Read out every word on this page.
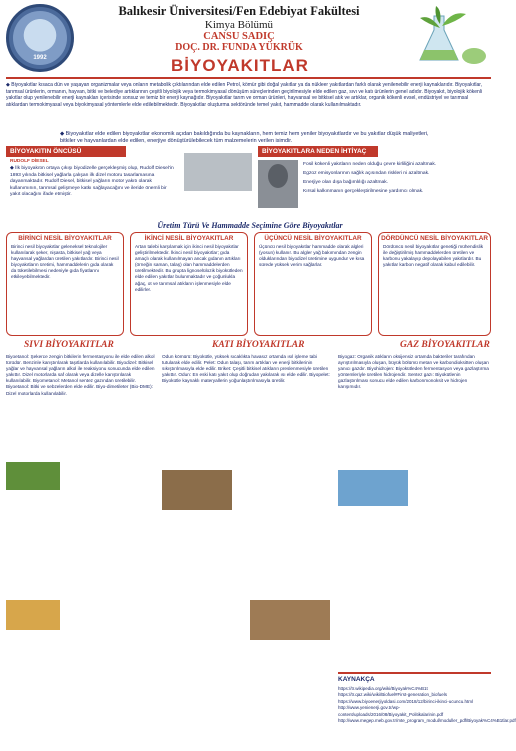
1992
Balıkesir Üniversitesi/Fen Edebiyat Fakültesi
Kimya Bölümü
CANSU SADIÇ
DOÇ. DR. FUNDA YÜKRÜK
BİYOYAKITLAR
◆ Biyoyakıtlar kısaca dün ve yaşayan organizmalar veya onların metabolik çıktılarından elde edilen Petrol, kömür gibi doğal yakıtlar ya da nükleer yakıtlardan farklı olarak yenilenebilir enerji kaynaklarıdır. Biyoyakıtlar, tarımsal ürünlerin, ormanın, hayvan, bitki ve belediye artıklarının çeşitli biyolojik veya termokimyasal dönüşüm süreçlerinden geçirilmesiyle elde edilen gaz, sıvı ve katı ürünlerin genel adıdır. Biyoyakıt, biyolojik kökenli yakıtlar olup yenilenebilir enerji kaynakları içerisinde sonsuz ve temiz bir enerji kaynağıdır. Biyoyakıtlar tarım ve orman ürünleri, hayvansal ve bitkisel atık ve artıklar, organik kökenli evsel, endüstriyel ve tarımsal atıklardan termokimyasal veya biyokimyasal yöntemlerle elde edilebilmektedir. Biyoyakıtlar oluşturma sektöründe temel yakıt, hammadde olarak kullanılmaktadır.
◆ Biyoyakıtlar elde edilen biyoyakıtlar ekonomik açıdan bakıldığında bu kaynakların, hem temiz hem yeniler biyoyakıtlardır ve bu yakıtlar düşük maliyetleri, bitkiler ve hayvanlardan elde edilen, enerjiye dönüştürülebilecek tüm malzemelerin verilen isimdir.
BİYOYAKITIN ÖNCÜSÜ
RUDOLF DİESEL
◆ İlk biyoyakıtın ortaya çıkışı biyodizelle gerçekleşmiş olup, Rudolf Diesel'in 1893 yılında bitkisel yağlarla çalışan ilk dizel motoru tasarlamasına dayanmaktadır. Rudolf Diesel, bitkisel yağların motor yakıtı olarak kullanımının, tarımsal gelişmeye katkı sağlayacağını ve ileride önemli bir yakıt olacağını ifade etmiştir.
BİYOYAKITLARA NEDEN İHTİYAÇ
Fosil kökenli yakıtların neden olduğu çevre kirliliğini azaltmak.
Egzoz emisyonlarının sağlık açısından riskleri ni azaltmak.
Enerjiye olan dışa bağımlılığı azaltmak.
Kırsal kalkınmanın gerçekleştirilmesine yardımcı olmak.
Üretim Türü Ve Hammadde Seçimine Göre Biyoyakıtlar
BİRİNCİ NESİL BİYOYAKITLAR
Birinci nesil biyoyakıtlar geleneksel teknolojiler kullanılarak şeker, nişasta, bitkisel yağ veya hayvansal yağlardan üretilen yakıtlardır. Birinci nesil biyoyakıtların üretimi, hammaddelerin gıda olarak da tüketilebilmesi nedeniyle gıda fiyatlarını etkileyebilmektedir.
İKİNCİ NESİL BİYOYAKITLAR
Artan talebi karşılamak için ikinci nesil biyoyakıtlar geliştirilmektedir. İkinci nesil biyoyakıtlar; gıda amaçlı olarak kullanılmayan ancak gıdanın artıkları (örneğin saman, talaş) olan hammaddelerden üretilmektedir. Bu grupta lignoselülozik biyokütleden elde edilen yakıtlar bulunmaktadır ve çoğunlukla ağaç, ot ve tarımsal atıkların işlenmesiyle elde edilirler.
ÜÇÜNCÜ NESİL BİYOYAKITLAR
Üçüncü nesil biyoyakıtlar hammadde olarak algleri (yosun) kullanır. Bu algler yağ bakımından zengin olduklarından biyodizel üretimine uygundur ve kısa sürede yüksek verim sağlarlar.
DÖRDÜNCÜ NESİL BİYOYAKITLAR
Dördüncü nesil biyoyakıtlar genetiği mühendislik ile değiştirilmiş hammaddelerden üretilen ve karbonu yakalayıp depolayabilen yakıtlardır. Bu yakıtlar karbon negatif olarak kabul edilebilir.
SIVI BİYOYAKITLAR	KATI BİYOYAKITLAR	GAZ BİYOYAKITLAR
Biyoetanol: Şekerce zengin bitkilerin fermentasyonu ile elde edilen alkol türüdür. Benzinle karıştırılarak taşıtlarda kullanılabilir. Biyodizel: Bitkisel yağlar ve hayvansal yağların alkol ile reaksiyonu sonucunda elde edilen yakıttır. Dizel motorlarda saf olarak veya dizelle karıştırılarak kullanılabilir. Biyometanol: Metanol sentez gazından üretilebilir. Biyoetanol: Bitki ve sebzelerden elde edilir. Biyo-dimetileter (Bio-DME): Dizel motorlarda kullanılabilir.
Odun kömürü: Biyokütle, yüksek sıcaklıkta havasız ortamda ısıl işleme tabi tutularak elde edilir. Pelet: Odun talaşı, tarım artıkları ve enerji bitkilerinin sıkıştırılmasıyla elde edilir. Briket: Çeşitli bitkisel atıkların preslenmesiyle üretilen yakıttır. Odun: En eski katı yakıt olup doğrudan yakılarak ısı elde edilir. Biyopelet: Biyokütle kaynaklı materyallerin yoğunlaştırılmasıyla üretilir.
Biyogaz: Organik atıkların oksijensiz ortamda bakteriler tarafından ayrıştırılmasıyla oluşan, büyük bölümü metan ve karbondioksitten oluşan yanıcı gazdır. Biyohidrojen: Biyokütleden fermentasyon veya gazlaştırma yöntemleriyle üretilen hidrojendir. Sentez gazı: Biyokütlenin gazlaştırılması sonucu elde edilen karbonmonoksit ve hidrojen karışımıdır.
KAYNAKÇA
https://tr.wikipedia.org/wiki/Biyoyak%C4%B1t
https://tr.qaz.wiki/wiki/Biofuel#First-generation_biofuels
https://www.biyoenerjiyoldasi.com/2018/12/birinci-ikinci-ucuncu.html
http://www.yenienerji.gov.tr/wp-content/uploads/2016/08/Biyoyakit_Politikalarinin.pdf
http://www.megep.meb.gov.tr/mte_program_modul/moduller_pdf/Biyoyak%C4%B1tlar.pdf
